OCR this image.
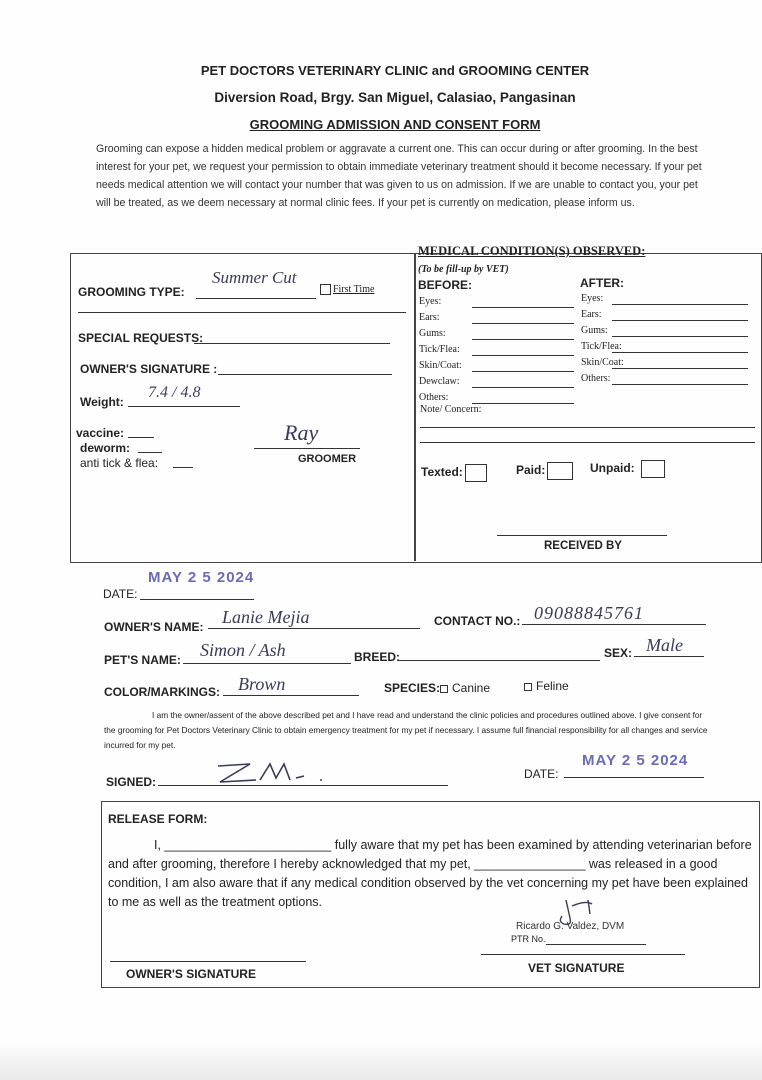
PET DOCTORS VETERINARY CLINIC and GROOMING CENTER
Diversion Road, Brgy. San Miguel, Calasiao, Pangasinan
GROOMING ADMISSION AND CONSENT FORM
Grooming can expose a hidden medical problem or aggravate a current one. This can occur during or after grooming. In the best interest for your pet, we request your permission to obtain immediate veterinary treatment should it become necessary. If your pet needs medical attention we will contact your number that was given to us on admission. If we are unable to contact you, your pet will be treated, as we deem necessary at normal clinic fees. If your pet is currently on medication, please inform us.
GROOMING TYPE:
Summer Cut
First Time
SPECIAL REQUESTS:
OWNER'S SIGNATURE :
Weight:
7.4 / 4.8
vaccine:
deworm:
anti tick & flea:
Ray
GROOMER
MEDICAL CONDITION(S) OBSERVED:
(To be fill-up by VET)
BEFORE:	AFTER:
Eyes:
Ears:
Gums:
Tick/Flea:
Skin/Coat:
Dewclaw:
Others:
Eyes:
Ears:
Gums:
Tick/Flea:
Skin/Coat:
Others:
Note/ Concern:
Texted:	Paid:	Unpaid:
RECEIVED BY
DATE:
MAY 2 5 2024
OWNER'S NAME: Lanie Mejia	CONTACT NO.: 09088845761
PET'S NAME: Simon / Ash	BREED:	SEX: Male
COLOR/MARKINGS: Brown	SPECIES: Canine	Feline
I am the owner/assent of the above described pet and I have read and understand the clinic policies and procedures outlined above. I give consent for the grooming for Pet Doctors Veterinary Clinic to obtain emergency treatment for my pet if necessary. I assume full financial responsibility for all changes and service incurred for my pet.
SIGNED:
DATE:
MAY 2 5 2024
RELEASE FORM:
I, ________________________ fully aware that my pet has been examined by attending veterinarian before and after grooming, therefore I hereby acknowledged that my pet, ________________ was released in a good condition, I am also aware that if any medical condition observed by the vet concerning my pet have been explained to me as well as the treatment options.
Ricardo G. Valdez, DVM
PTR No.
OWNER'S SIGNATURE	VET SIGNATURE
